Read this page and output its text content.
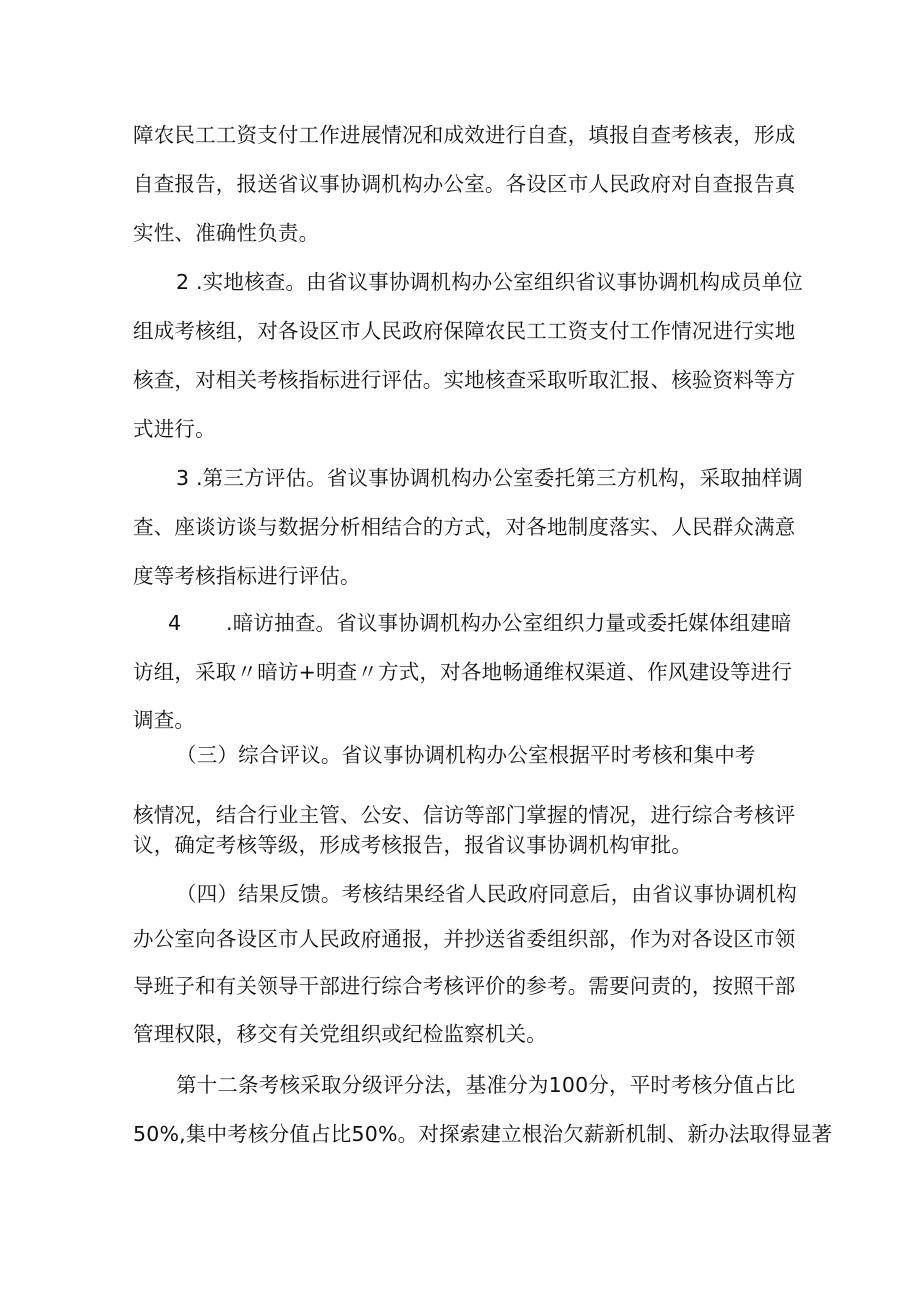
障农民工工资支付工作进展情况和成效进行自查，填报自查考核表，形成
自查报告，报送省议事协调机构办公室。各设区市人民政府对自查报告真
实性、准确性负责。
2 .实地核查。由省议事协调机构办公室组织省议事协调机构成员单位
组成考核组，对各设区市人民政府保障农民工工资支付工作情况进行实地
核查，对相关考核指标进行评估。实地核查采取听取汇报、核验资料等方
式进行。
3 .第三方评估。省议事协调机构办公室委托第三方机构，采取抽样调
查、座谈访谈与数据分析相结合的方式，对各地制度落实、人民群众满意
度等考核指标进行评估。
4 .暗访抽查。省议事协调机构办公室组织力量或委托媒体组建暗
访组，采取〃暗访+明查〃方式，对各地畅通维权渠道、作风建设等进行
调查。
（三）综合评议。省议事协调机构办公室根据平时考核和集中考
核情况，结合行业主管、公安、信访等部门掌握的情况，进行综合考核评
议，确定考核等级，形成考核报告，报省议事协调机构审批。
（四）结果反馈。考核结果经省人民政府同意后，由省议事协调机构
办公室向各设区市人民政府通报，并抄送省委组织部，作为对各设区市领
导班子和有关领导干部进行综合考核评价的参考。需要问责的，按照干部
管理权限，移交有关党组织或纪检监察机关。
第十二条考核采取分级评分法，基准分为100分，平时考核分值占比
50%,集中考核分值占比50%。对探索建立根治欠薪新机制、新办法取得显著
